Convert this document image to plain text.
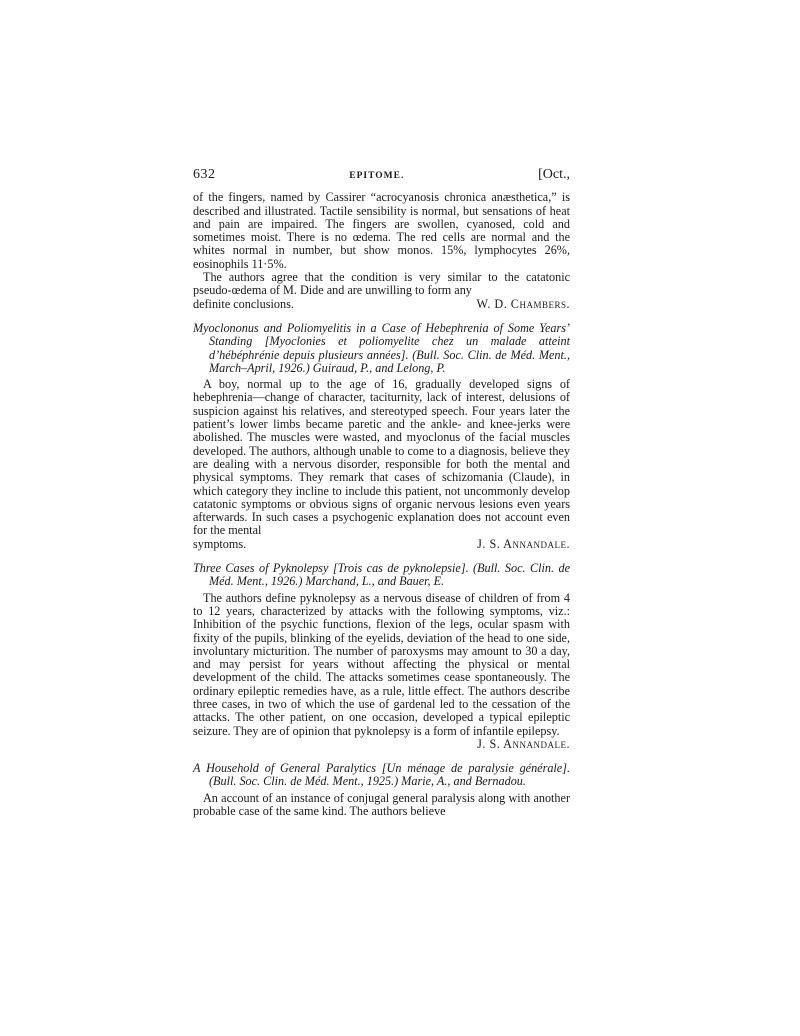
632	EPITOME.	[Oct.,

of the fingers, named by Cassirer “acrocyanosis chronica anæsthetica,” is described and illustrated. Tactile sensibility is normal, but sensations of heat and pain are impaired. The fingers are swollen, cyanosed, cold and sometimes moist. There is no œdema. The red cells are normal and the whites normal in number, but show monos. 15%, lymphocytes 26%, eosinophils 11·5%.

The authors agree that the condition is very similar to the catatonic pseudo-œdema of M. Dide and are unwilling to form any

definite conclusions.	W. D. Chambers.

Myoclononus and Poliomyelitis in a Case of Hebephrenia of Some Years’ Standing [Myoclonies et poliomyelite chez un malade atteint d’hébéphrénie depuis plusieurs années]. (Bull. Soc. Clin. de Méd. Ment., March–April, 1926.) Guiraud, P., and Lelong, P.

A boy, normal up to the age of 16, gradually developed signs of hebephrenia—change of character, taciturnity, lack of interest, delusions of suspicion against his relatives, and stereotyped speech. Four years later the patient’s lower limbs became paretic and the ankle- and knee-jerks were abolished. The muscles were wasted, and myoclonus of the facial muscles developed. The authors, although unable to come to a diagnosis, believe they are dealing with a nervous disorder, responsible for both the mental and physical symptoms. They remark that cases of schizomania (Claude), in which category they incline to include this patient, not uncommonly develop catatonic symptoms or obvious signs of organic nervous lesions even years afterwards. In such cases a psychogenic explanation does not account even for the mental

symptoms.	J. S. Annandale.

Three Cases of Pyknolepsy [Trois cas de pyknolepsie]. (Bull. Soc. Clin. de Méd. Ment., 1926.) Marchand, L., and Bauer, E.

The authors define pyknolepsy as a nervous disease of children of from 4 to 12 years, characterized by attacks with the following symptoms, viz.: Inhibition of the psychic functions, flexion of the legs, ocular spasm with fixity of the pupils, blinking of the eyelids, deviation of the head to one side, involuntary micturition. The number of paroxysms may amount to 30 a day, and may persist for years without affecting the physical or mental development of the child. The attacks sometimes cease spontaneously. The ordinary epileptic remedies have, as a rule, little effect. The authors describe three cases, in two of which the use of gardenal led to the cessation of the attacks. The other patient, on one occasion, developed a typical epileptic seizure. They are of opinion that pyknolepsy is a form of infantile epilepsy.

J. S. Annandale.

A Household of General Paralytics [Un ménage de paralysie générale]. (Bull. Soc. Clin. de Méd. Ment., 1925.) Marie, A., and Bernadou.

An account of an instance of conjugal general paralysis along with another probable case of the same kind. The authors believe
